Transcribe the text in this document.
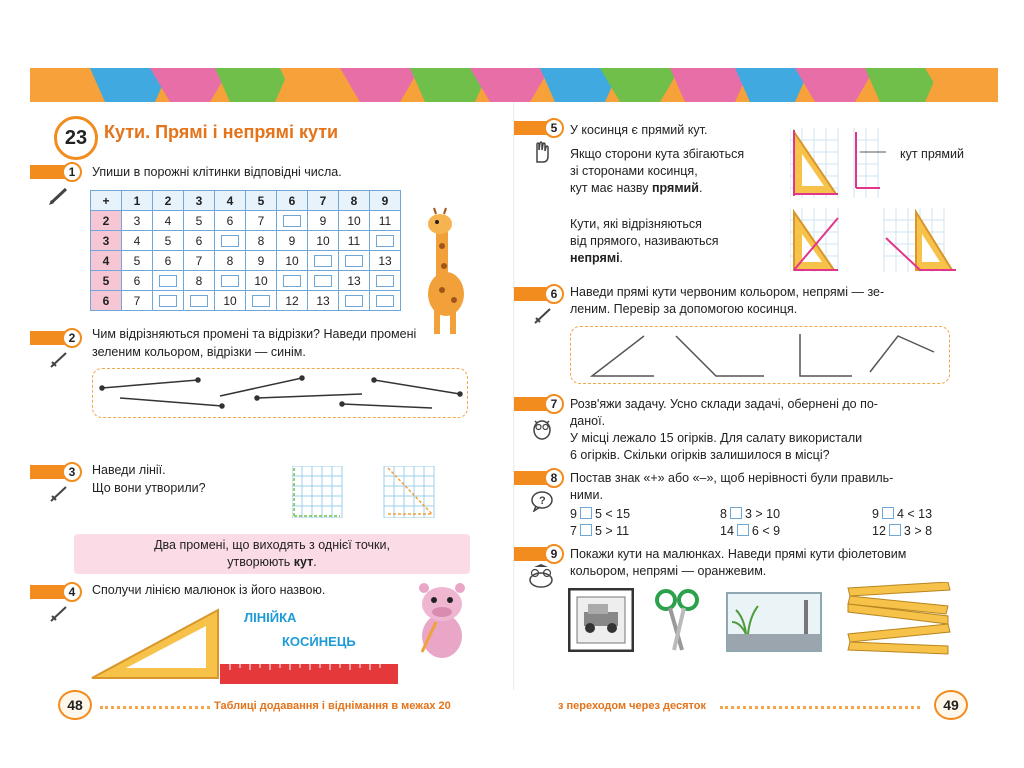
23 Кути. Прямі і непрямі кути
1	Упиши в порожні клітинки відповідні числа.
+	1	2	3	4	5	6	7	8	9
2	3	4	5	6	7		9	10	11
3	4	5	6		8	9	10	11	
4	5	6	7	8	9	10			13
5	6		8		10			13	
6	7			10		12	13		
2	Чим відрізняються промені та відрізки? Наведи промені
зеленим кольором, відрізки — синім.
3	Наведи лінії.
Що вони утворили?
Два промені, що виходять з однієї точки,
утворюють кут.
4	Сполучи лінією малюнок із його назвою.
ЛІНІЙКА
КОСИ́НЕЦЬ
48	Таблиці додавання і віднімання в межах 20
5	У косинця є прямий кут.
Якщо сторони кута збігаються
зі сторонами косинця,
кут має назву прямий.
Кути, які відрізняються
від прямого, називаються
непрямі.
кут прямий
6	Наведи прямі кути червоним кольором, непрямі — зе-
леним. Перевір за допомогою косинця.
7	Розв'яжи задачу. Усно склади задачі, обернені до по-
даної.
У місці лежало 15 огірків. Для салату використали
6 огірків. Скільки огірків залишилося в місці?
8
?
Постав знак «+» або «–», щоб нерівності були правиль-
ними.
9 5 < 15	8 3 > 10	9 4 < 13
7 5 > 11	14 6 < 9	12 3 > 8
9	Покажи кути на малюнках. Наведи прямі кути фіолетовим
кольором, непрямі — оранжевим.
з переходом через десяток	49
